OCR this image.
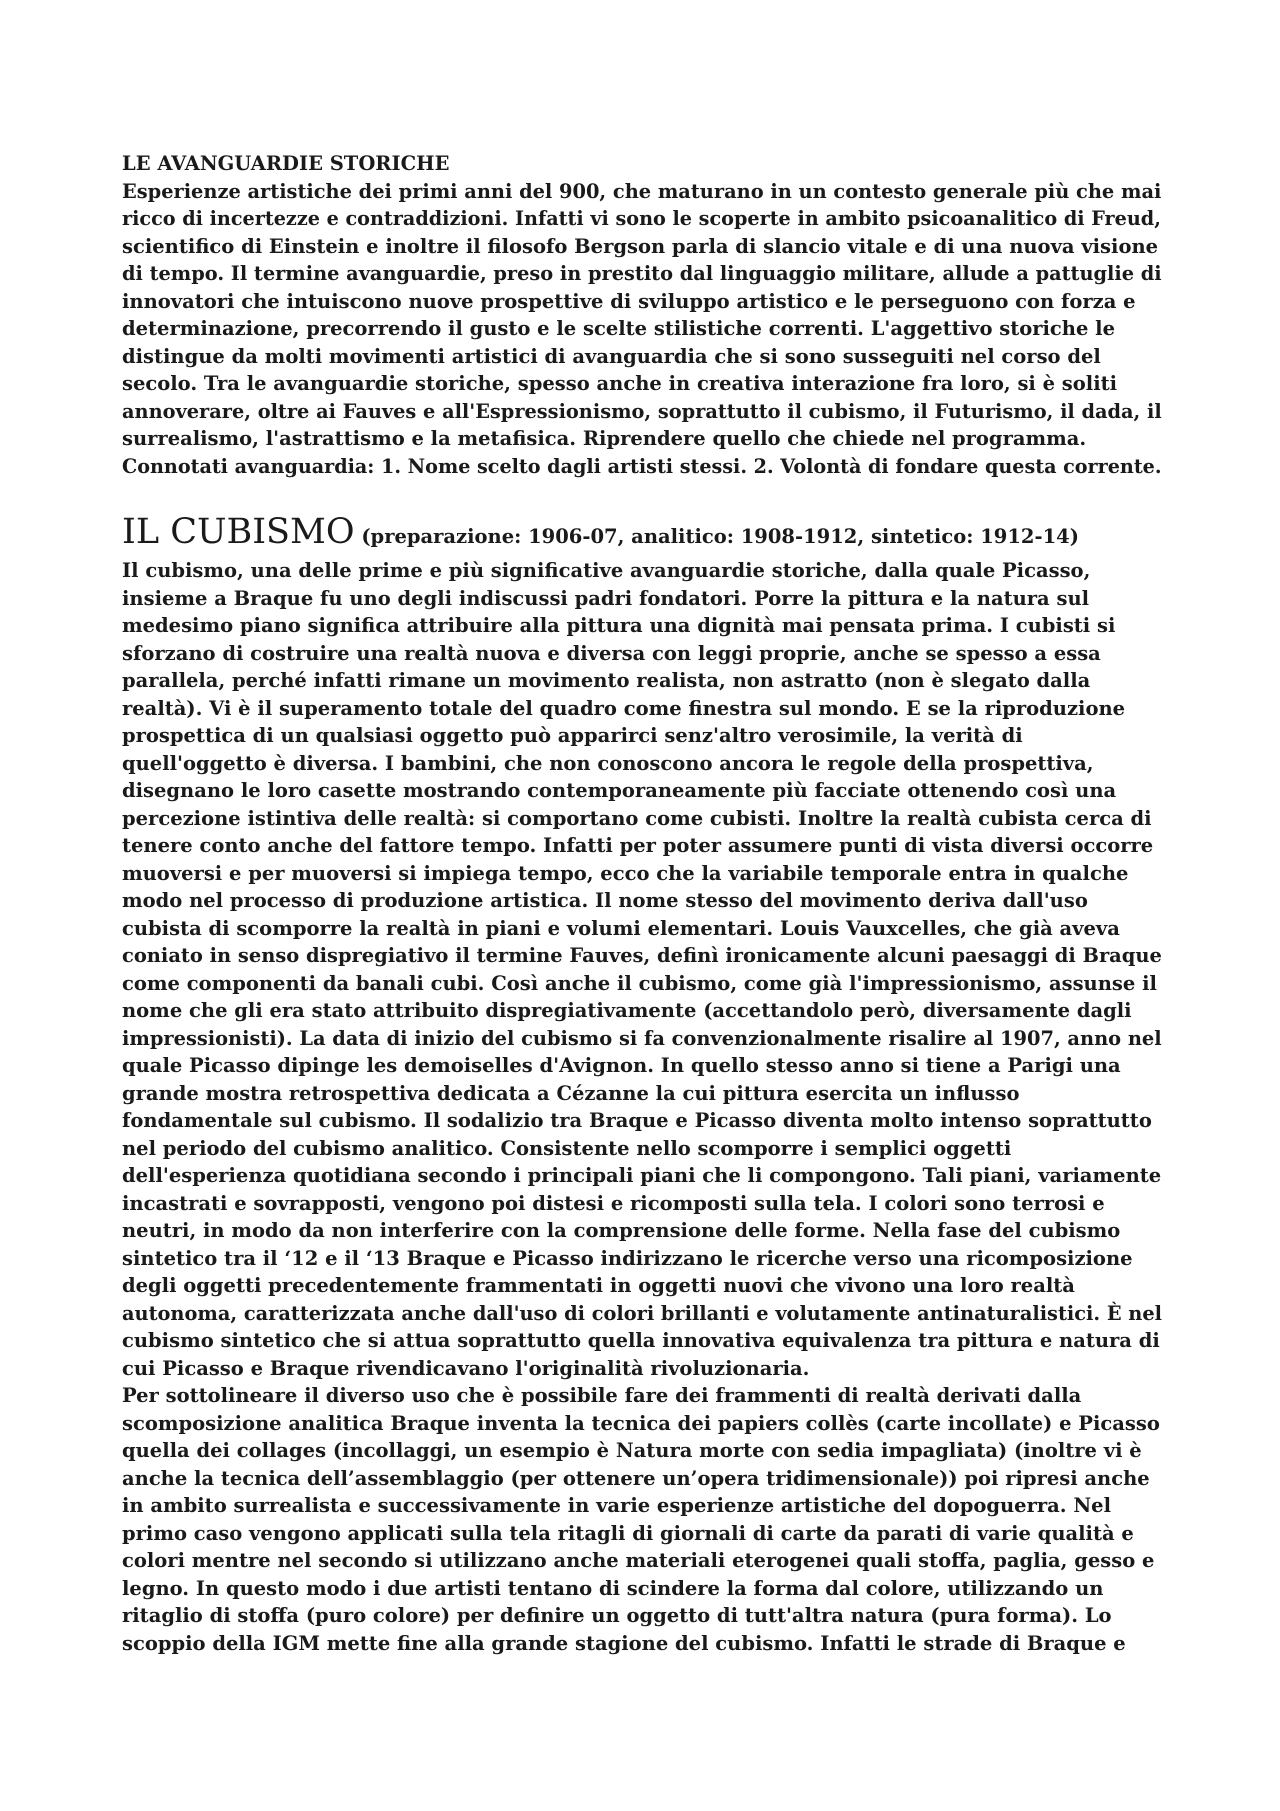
LE AVANGUARDIE STORICHE
Esperienze artistiche dei primi anni del 900, che maturano in un contesto generale più che mai
ricco di incertezze e contraddizioni. Infatti vi sono le scoperte in ambito psicoanalitico di Freud,
scientifico di Einstein e inoltre il filosofo Bergson parla di slancio vitale e di una nuova visione
di tempo. Il termine avanguardie, preso in prestito dal linguaggio militare, allude a pattuglie di
innovatori che intuiscono nuove prospettive di sviluppo artistico e le perseguono con forza e
determinazione, precorrendo il gusto e le scelte stilistiche correnti. L'aggettivo storiche le
distingue da molti movimenti artistici di avanguardia che si sono susseguiti nel corso del
secolo. Tra le avanguardie storiche, spesso anche in creativa interazione fra loro, si è soliti
annoverare, oltre ai Fauves e all'Espressionismo, soprattutto il cubismo, il Futurismo, il dada, il
surrealismo, l'astrattismo e la metafisica. Riprendere quello che chiede nel programma.
Connotati avanguardia: 1. Nome scelto dagli artisti stessi. 2. Volontà di fondare questa corrente.
IL CUBISMO (preparazione: 1906-07, analitico: 1908-1912, sintetico: 1912-14)
Il cubismo, una delle prime e più significative avanguardie storiche, dalla quale Picasso,
insieme a Braque fu uno degli indiscussi padri fondatori. Porre la pittura e la natura sul
medesimo piano significa attribuire alla pittura una dignità mai pensata prima. I cubisti si
sforzano di costruire una realtà nuova e diversa con leggi proprie, anche se spesso a essa
parallela, perché infatti rimane un movimento realista, non astratto (non è slegato dalla
realtà). Vi è il superamento totale del quadro come finestra sul mondo. E se la riproduzione
prospettica di un qualsiasi oggetto può apparirci senz'altro verosimile, la verità di
quell'oggetto è diversa. I bambini, che non conoscono ancora le regole della prospettiva,
disegnano le loro casette mostrando contemporaneamente più facciate ottenendo così una
percezione istintiva delle realtà: si comportano come cubisti. Inoltre la realtà cubista cerca di
tenere conto anche del fattore tempo. Infatti per poter assumere punti di vista diversi occorre
muoversi e per muoversi si impiega tempo, ecco che la variabile temporale entra in qualche
modo nel processo di produzione artistica. Il nome stesso del movimento deriva dall'uso
cubista di scomporre la realtà in piani e volumi elementari. Louis Vauxcelles, che già aveva
coniato in senso dispregiativo il termine Fauves, definì ironicamente alcuni paesaggi di Braque
come componenti da banali cubi. Così anche il cubismo, come già l'impressionismo, assunse il
nome che gli era stato attribuito dispregiativamente (accettandolo però, diversamente dagli
impressionisti). La data di inizio del cubismo si fa convenzionalmente risalire al 1907, anno nel
quale Picasso dipinge les demoiselles d'Avignon. In quello stesso anno si tiene a Parigi una
grande mostra retrospettiva dedicata a Cézanne la cui pittura esercita un influsso
fondamentale sul cubismo. Il sodalizio tra Braque e Picasso diventa molto intenso soprattutto
nel periodo del cubismo analitico. Consistente nello scomporre i semplici oggetti
dell'esperienza quotidiana secondo i principali piani che li compongono. Tali piani, variamente
incastrati e sovrapposti, vengono poi distesi e ricomposti sulla tela. I colori sono terrosi e
neutri, in modo da non interferire con la comprensione delle forme. Nella fase del cubismo
sintetico tra il ‘12 e il ‘13 Braque e Picasso indirizzano le ricerche verso una ricomposizione
degli oggetti precedentemente frammentati in oggetti nuovi che vivono una loro realtà
autonoma, caratterizzata anche dall'uso di colori brillanti e volutamente antinaturalistici. È nel
cubismo sintetico che si attua soprattutto quella innovativa equivalenza tra pittura e natura di
cui Picasso e Braque rivendicavano l'originalità rivoluzionaria.
Per sottolineare il diverso uso che è possibile fare dei frammenti di realtà derivati dalla
scomposizione analitica Braque inventa la tecnica dei papiers collès (carte incollate) e Picasso
quella dei collages (incollaggi, un esempio è Natura morte con sedia impagliata) (inoltre vi è
anche la tecnica dell’assemblaggio (per ottenere un’opera tridimensionale)) poi ripresi anche
in ambito surrealista e successivamente in varie esperienze artistiche del dopoguerra. Nel
primo caso vengono applicati sulla tela ritagli di giornali di carte da parati di varie qualità e
colori mentre nel secondo si utilizzano anche materiali eterogenei quali stoffa, paglia, gesso e
legno. In questo modo i due artisti tentano di scindere la forma dal colore, utilizzando un
ritaglio di stoffa (puro colore) per definire un oggetto di tutt'altra natura (pura forma). Lo
scoppio della IGM mette fine alla grande stagione del cubismo. Infatti le strade di Braque e
